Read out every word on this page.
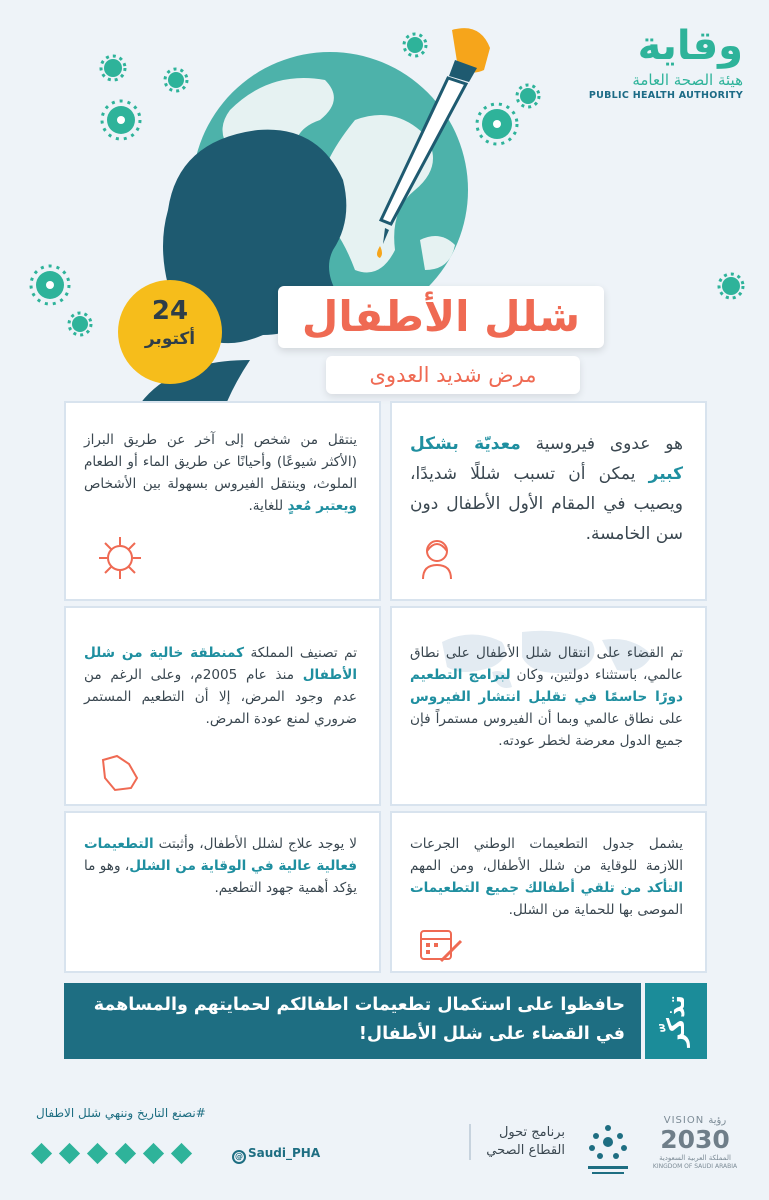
وقاية
هيئة الصحة العامة
PUBLIC HEALTH AUTHORITY
24
أكتوبر	شلل الأطفال
مرض شديد العدوى

هو عدوى فيروسية معديّة بشكل كبير يمكن أن تسبب شللًا شديدًا، ويصيب في المقام الأول الأطفال دون سن الخامسة.

ينتقل من شخص إلى آخر عن طريق البراز (الأكثر شيوعًا) وأحيانًا عن طريق الماء أو الطعام الملوث، وينتقل الفيروس بسهولة بين الأشخاص ويعتبر مُعدٍ للغاية.

تم القضاء على انتقال شلل الأطفال على نطاق عالمي، باستثناء دولتين، وكان لبرامج التطعيم دورًا حاسمًا في تقليل انتشار الفيروس على نطاق عالمي وبما أن الفيروس مستمراً فإن جميع الدول معرضة لخطر عودته.

تم تصنيف المملكة كمنطقة خالية من شلل الأطفال منذ عام 2005م، وعلى الرغم من عدم وجود المرض، إلا أن التطعيم المستمر ضروري لمنع عودة المرض.

يشمل جدول التطعيمات الوطني الجرعات اللازمة للوقاية من شلل الأطفال، ومن المهم التأكد من تلقي أطفالك جميع التطعيمات الموصى بها للحماية من الشلل.

لا يوجد علاج لشلل الأطفال، وأثبتت التطعيمات فعالية عالية في الوقاية من الشلل، وهو ما يؤكد أهمية جهود التطعيم.

تذكّر

حافظوا على استكمال تطعيمات اطفالكم لحمايتهم والمساهمة في القضاء على شلل الأطفال!

#نصنع التاريخ وننهي شلل الاطفال
@ Saudi_PHA
برنامج تحول
القطاع الصحي
VISION رؤية
2030
المملكة العربية السعودية
KINGDOM OF SAUDI ARABIA
